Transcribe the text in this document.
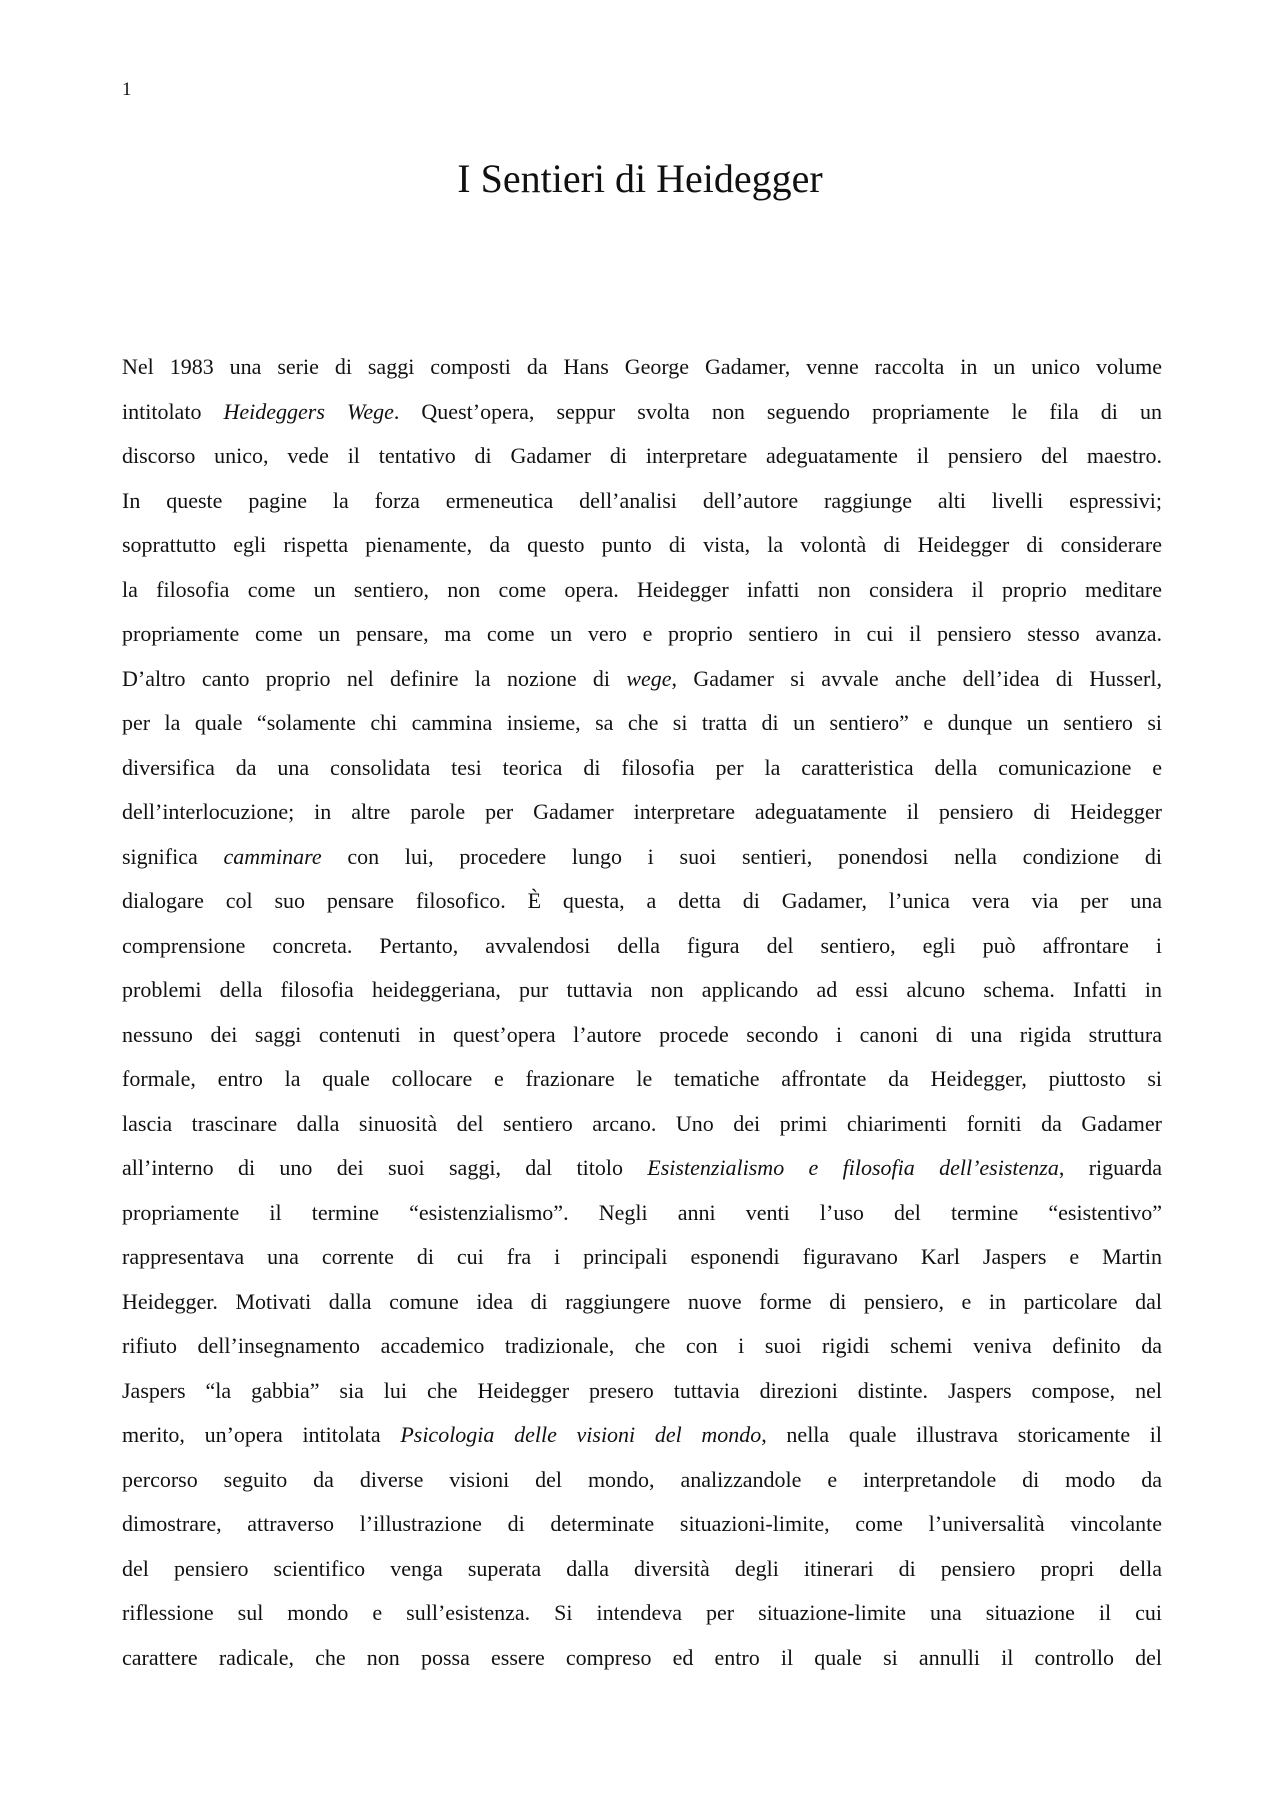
1
I Sentieri di Heidegger

Nel 1983 una serie di saggi composti da Hans George Gadamer, venne raccolta in un unico volume
intitolato Heideggers Wege. Quest’opera, seppur svolta non seguendo propriamente le fila di un
discorso unico, vede il tentativo di Gadamer di interpretare adeguatamente il pensiero del maestro.
In queste pagine la forza ermeneutica dell’analisi dell’autore raggiunge alti livelli espressivi;
soprattutto egli rispetta pienamente, da questo punto di vista, la volontà di Heidegger di considerare
la filosofia come un sentiero, non come opera. Heidegger infatti non considera il proprio meditare
propriamente come un pensare, ma come un vero e proprio sentiero in cui il pensiero stesso avanza.
D’altro canto proprio nel definire la nozione di wege, Gadamer si avvale anche dell’idea di Husserl,
per la quale “solamente chi cammina insieme, sa che si tratta di un sentiero” e dunque un sentiero si
diversifica da una consolidata tesi teorica di filosofia per la caratteristica della comunicazione e
dell’interlocuzione; in altre parole per Gadamer interpretare adeguatamente il pensiero di Heidegger
significa camminare con lui, procedere lungo i suoi sentieri, ponendosi nella condizione di
dialogare col suo pensare filosofico. È questa, a detta di Gadamer, l’unica vera via per una
comprensione concreta. Pertanto, avvalendosi della figura del sentiero, egli può affrontare i
problemi della filosofia heideggeriana, pur tuttavia non applicando ad essi alcuno schema. Infatti in
nessuno dei saggi contenuti in quest’opera l’autore procede secondo i canoni di una rigida struttura
formale, entro la quale collocare e frazionare le tematiche affrontate da Heidegger, piuttosto si
lascia trascinare dalla sinuosità del sentiero arcano. Uno dei primi chiarimenti forniti da Gadamer
all’interno di uno dei suoi saggi, dal titolo Esistenzialismo e filosofia dell’esistenza, riguarda
propriamente il termine “esistenzialismo”. Negli anni venti l’uso del termine “esistentivo”
rappresentava una corrente di cui fra i principali esponendi figuravano Karl Jaspers e Martin
Heidegger. Motivati dalla comune idea di raggiungere nuove forme di pensiero, e in particolare dal
rifiuto dell’insegnamento accademico tradizionale, che con i suoi rigidi schemi veniva definito da
Jaspers “la gabbia” sia lui che Heidegger presero tuttavia direzioni distinte. Jaspers compose, nel
merito, un’opera intitolata Psicologia delle visioni del mondo, nella quale illustrava storicamente il
percorso seguito da diverse visioni del mondo, analizzandole e interpretandole di modo da
dimostrare, attraverso l’illustrazione di determinate situazioni-limite, come l’universalità vincolante
del pensiero scientifico venga superata dalla diversità degli itinerari di pensiero propri della
riflessione sul mondo e sull’esistenza. Si intendeva per situazione-limite una situazione il cui
carattere radicale, che non possa essere compreso ed entro il quale si annulli il controllo del
